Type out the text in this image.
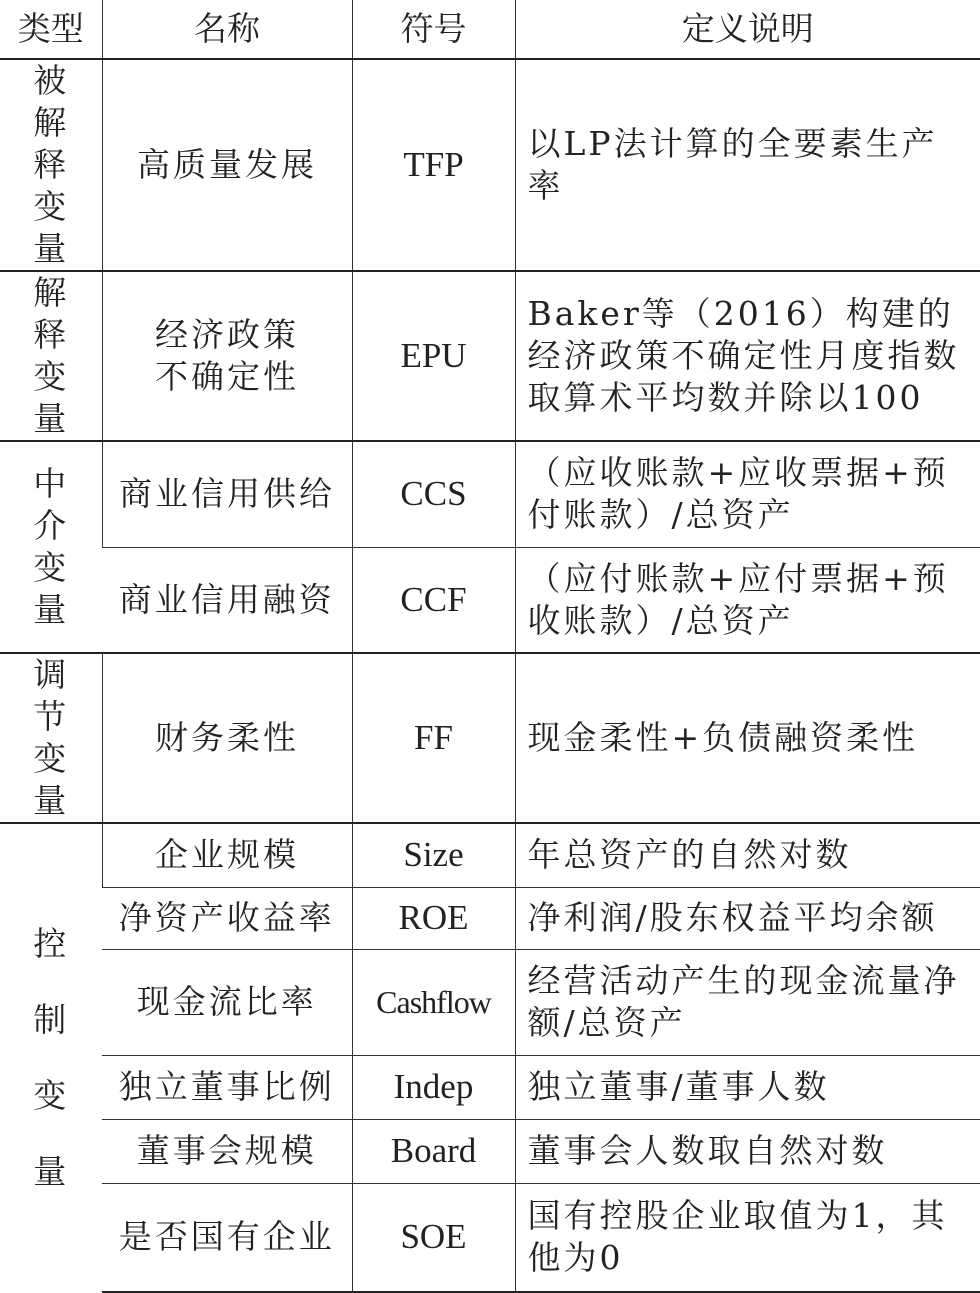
类型	名称	符号	定义说明
被解释变量	高质量发展	TFP	以LP法计算的全要素生产率
解释变量	经济政策不确定性	EPU	Baker等（2016）构建的经济政策不确定性月度指数取算术平均数并除以100
中介变量	商业信用供给	CCS	（应收账款+应收票据+预付账款）/总资产
	商业信用融资	CCF	（应付账款+应付票据+预收账款）/总资产
调节变量	财务柔性	FF	现金柔性+负债融资柔性
控制变量	企业规模	Size	年总资产的自然对数
	净资产收益率	ROE	净利润/股东权益平均余额
	现金流比率	Cashflow	经营活动产生的现金流量净额/总资产
	独立董事比例	Indep	独立董事/董事人数
	董事会规模	Board	董事会人数取自然对数
	是否国有企业	SOE	国有控股企业取值为1，其他为0
